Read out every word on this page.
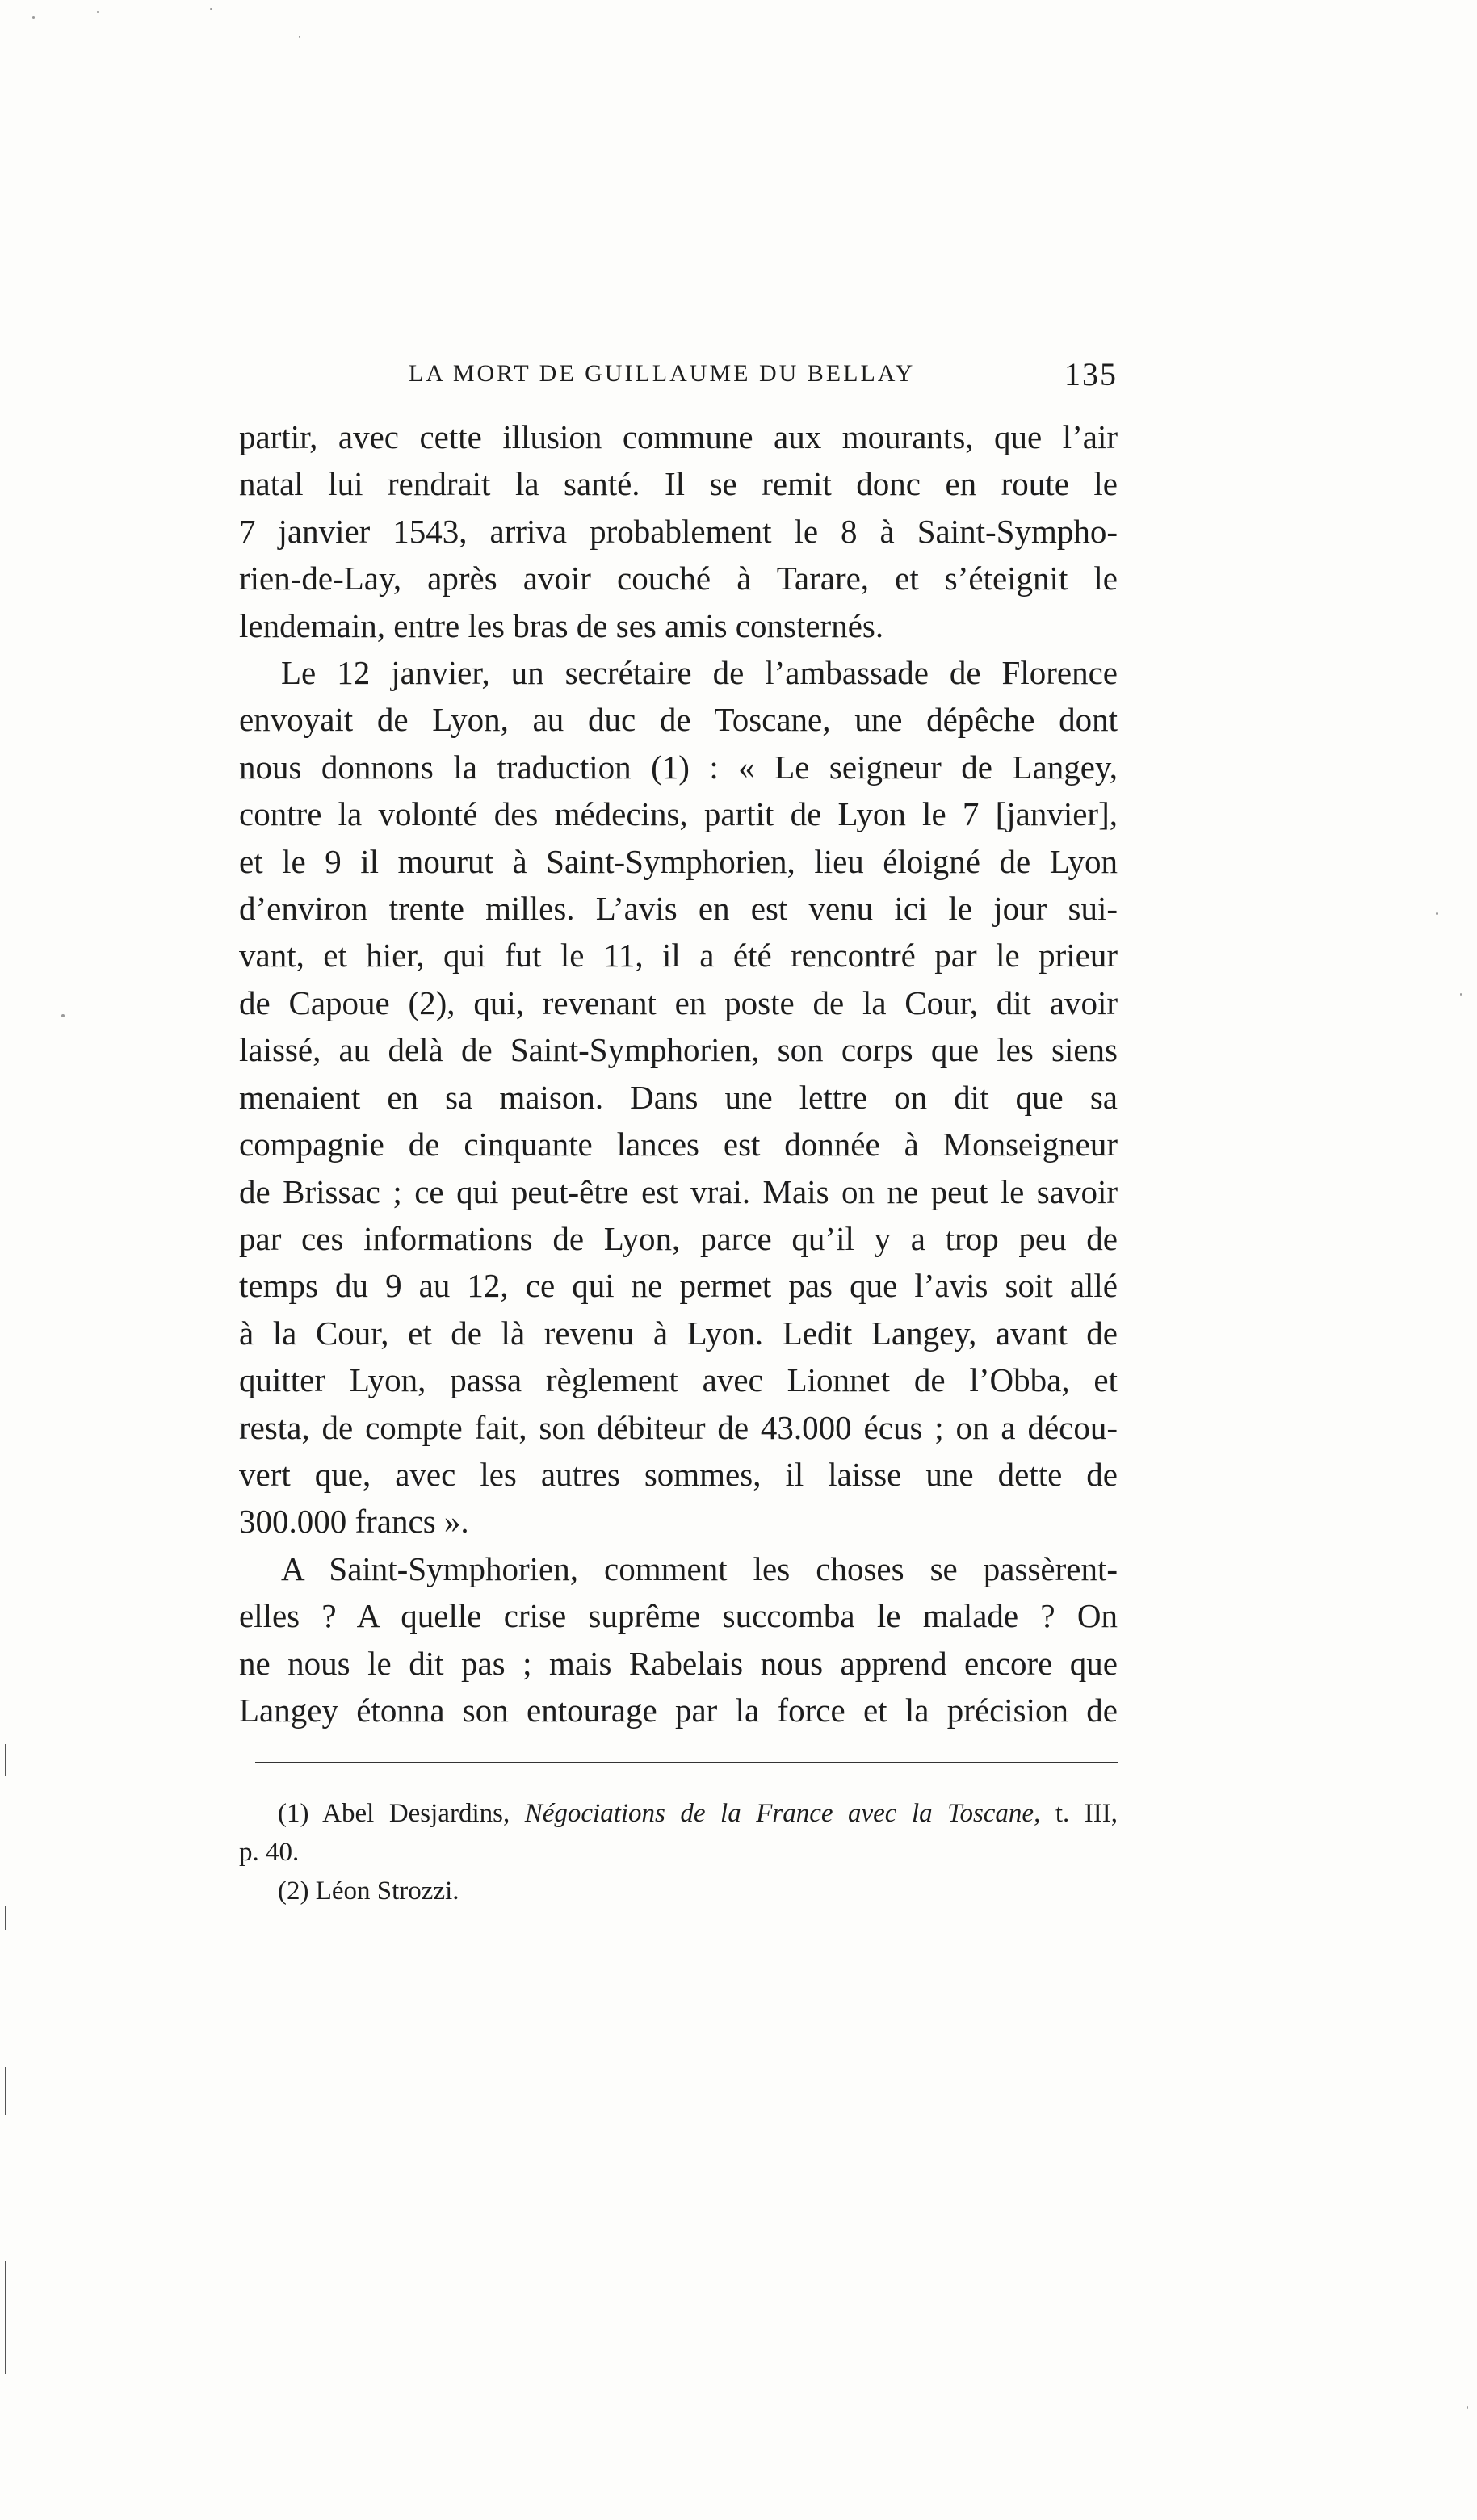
LA MORT DE GUILLAUME DU BELLAY	135

partir, avec cette illusion commune aux mourants, que l’air
natal lui rendrait la santé. Il se remit donc en route le
7 janvier 1543, arriva probablement le 8 à Saint-Sympho-
rien-de-Lay, après avoir couché à Tarare, et s’éteignit le
lendemain, entre les bras de ses amis consternés.

Le 12 janvier, un secrétaire de l’ambassade de Florence
envoyait de Lyon, au duc de Toscane, une dépêche dont
nous donnons la traduction (1) : « Le seigneur de Langey,
contre la volonté des médecins, partit de Lyon le 7 [janvier],
et le 9 il mourut à Saint-Symphorien, lieu éloigné de Lyon
d’environ trente milles. L’avis en est venu ici le jour sui-
vant, et hier, qui fut le 11, il a été rencontré par le prieur
de Capoue (2), qui, revenant en poste de la Cour, dit avoir
laissé, au delà de Saint-Symphorien, son corps que les siens
menaient en sa maison. Dans une lettre on dit que sa
compagnie de cinquante lances est donnée à Monseigneur
de Brissac ; ce qui peut-être est vrai. Mais on ne peut le savoir
par ces informations de Lyon, parce qu’il y a trop peu de
temps du 9 au 12, ce qui ne permet pas que l’avis soit allé
à la Cour, et de là revenu à Lyon. Ledit Langey, avant de
quitter Lyon, passa règlement avec Lionnet de l’Obba, et
resta, de compte fait, son débiteur de 43.000 écus ; on a décou-
vert que, avec les autres sommes, il laisse une dette de
300.000 francs ».

A Saint-Symphorien, comment les choses se passèrent-
elles ? A quelle crise suprême succomba le malade ? On
ne nous le dit pas ; mais Rabelais nous apprend encore que
Langey étonna son entourage par la force et la précision de

(1) Abel Desjardins, Négociations de la France avec la Toscane, t. III,
p. 40.
(2) Léon Strozzi.
